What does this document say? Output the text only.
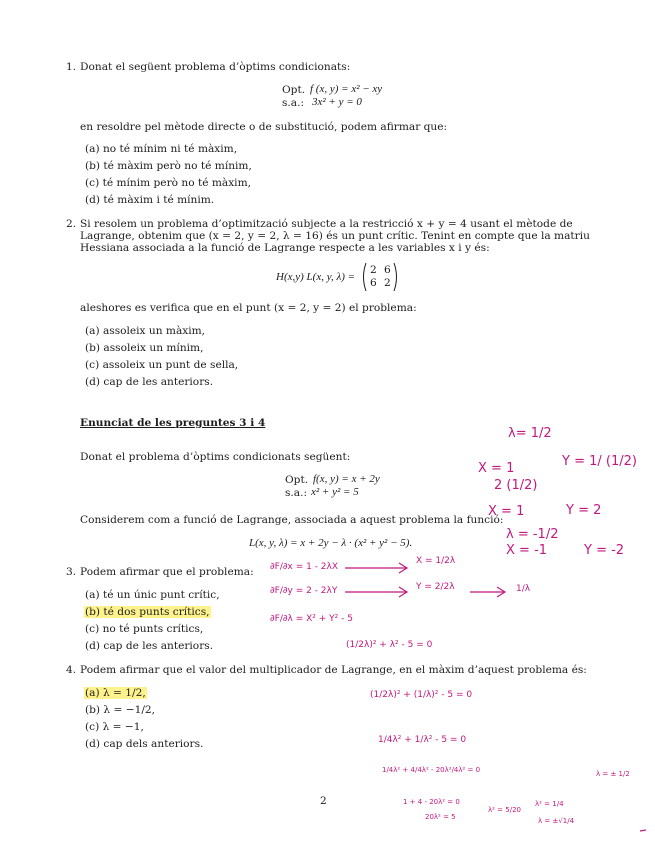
1. Donat el següent problema d’òptims condicionats:
Opt. f (x, y) = x² − xy
s.a.: 3x² + y = 0
en resoldre pel mètode directe o de substitució, podem afirmar que:
(a) no té mínim ni té màxim,
(b) té màxim però no té mínim,
(c) té mínim però no té màxim,
(d) té màxim i té mínim.
2. Si resolem un problema d’optimització subjecte a la restricció x + y = 4 usant el mètode de Lagrange, obtenim que (x = 2, y = 2, λ = 16) és un punt crític. Tenint en compte que la matriu Hessiana associada a la funció de Lagrange respecte a les variables x i y és:
H(x,y) L(x, y, λ) =
2 6
6 2
aleshores es verifica que en el punt (x = 2, y = 2) el problema:
(a) assoleix un màxim,
(b) assoleix un mínim,
(c) assoleix un punt de sella,
(d) cap de les anteriors.
Enunciat de les preguntes 3 i 4
Donat el problema d’òptims condicionats següent:
Opt. f(x, y) = x + 2y
s.a.: x² + y² = 5
Considerem com a funció de Lagrange, associada a aquest problema la funció:
L(x, y, λ) = x + 2y − λ · (x² + y² − 5).
3. Podem afirmar que el problema:
(a) té un únic punt crític,
(b) té dos punts crítics,
(c) no té punts crítics,
(d) cap de les anteriors.
4. Podem afirmar que el valor del multiplicador de Lagrange, en el màxim d’aquest problema és:
(a) λ = 1/2,
(b) λ = −1/2,
(c) λ = −1,
(d) cap dels anteriors.
2
λ= 1/2
X = 1
2 (1/2)
Y = 1/ (1/2)
X = 1	Y = 2
λ = -1/2
X = -1	Y = -2
∂F/∂x = 1 - 2λX
X = 1/2λ
∂F/∂y = 2 - 2λY	Y = 2/2λ	1/λ
∂F/∂λ = X² + Y² - 5
(1/2λ)² + λ² - 5 = 0
(1/2λ)² + (1/λ)² - 5 = 0
1/4λ² + 1/λ² - 5 = 0
1/4λ² + 4/4λ² - 20λ²/4λ² = 0
1 + 4 - 20λ² = 0
20λ² = 5
λ² = 5/20
λ² = 1/4
λ = ±√1/4
λ = ± 1/2
